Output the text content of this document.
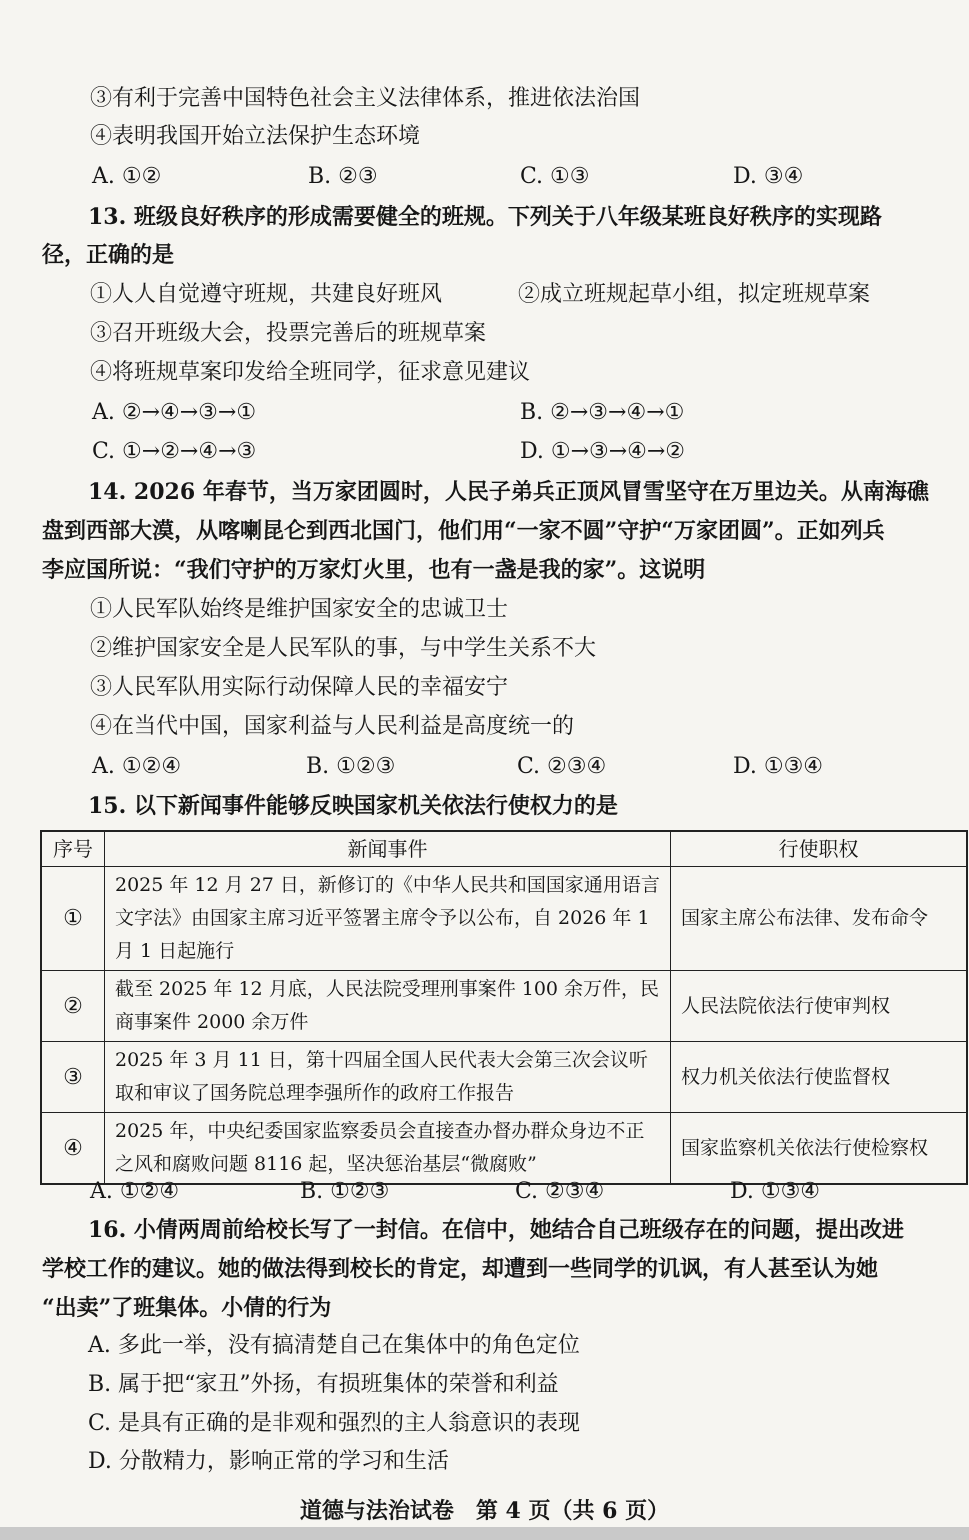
③有利于完善中国特色社会主义法律体系，推进依法治国
④表明我国开始立法保护生态环境
A. ①②	B. ②③	C. ①③	D. ③④
13. 班级良好秩序的形成需要健全的班规。下列关于八年级某班良好秩序的实现路
径，正确的是
①人人自觉遵守班规，共建良好班风	②成立班规起草小组，拟定班规草案
③召开班级大会，投票完善后的班规草案
④将班规草案印发给全班同学，征求意见建议
A. ②→④→③→①	B. ②→③→④→①
C. ①→②→④→③	D. ①→③→④→②
14. 2026 年春节，当万家团圆时，人民子弟兵正顶风冒雪坚守在万里边关。从南海礁
盘到西部大漠，从喀喇昆仑到西北国门，他们用“一家不圆”守护“万家团圆”。正如列兵
李应国所说：“我们守护的万家灯火里，也有一盏是我的家”。这说明
①人民军队始终是维护国家安全的忠诚卫士
②维护国家安全是人民军队的事，与中学生关系不大
③人民军队用实际行动保障人民的幸福安宁
④在当代中国，国家利益与人民利益是高度统一的
A. ①②④	B. ①②③	C. ②③④	D. ①③④
15. 以下新闻事件能够反映国家机关依法行使权力的是
序号	新闻事件	行使职权
①	2025 年 12 月 27 日，新修订的《中华人民共和国国家通用语言文字法》由国家主席习近平签署主席令予以公布，自 2026 年 1 月 1 日起施行	国家主席公布法律、发布命令
②	截至 2025 年 12 月底，人民法院受理刑事案件 100 余万件，民商事案件 2000 余万件	人民法院依法行使审判权
③	2025 年 3 月 11 日，第十四届全国人民代表大会第三次会议听取和审议了国务院总理李强所作的政府工作报告	权力机关依法行使监督权
④	2025 年，中央纪委国家监察委员会直接查办督办群众身边不正之风和腐败问题 8116 起，坚决惩治基层“微腐败”	国家监察机关依法行使检察权
A. ①②④	B. ①②③	C. ②③④	D. ①③④
16. 小倩两周前给校长写了一封信。在信中，她结合自己班级存在的问题，提出改进
学校工作的建议。她的做法得到校长的肯定，却遭到一些同学的讥讽，有人甚至认为她
“出卖”了班集体。小倩的行为
A. 多此一举，没有搞清楚自己在集体中的角色定位
B. 属于把“家丑”外扬，有损班集体的荣誉和利益
C. 是具有正确的是非观和强烈的主人翁意识的表现
D. 分散精力，影响正常的学习和生活
道德与法治试卷　第 4 页（共 6 页）
